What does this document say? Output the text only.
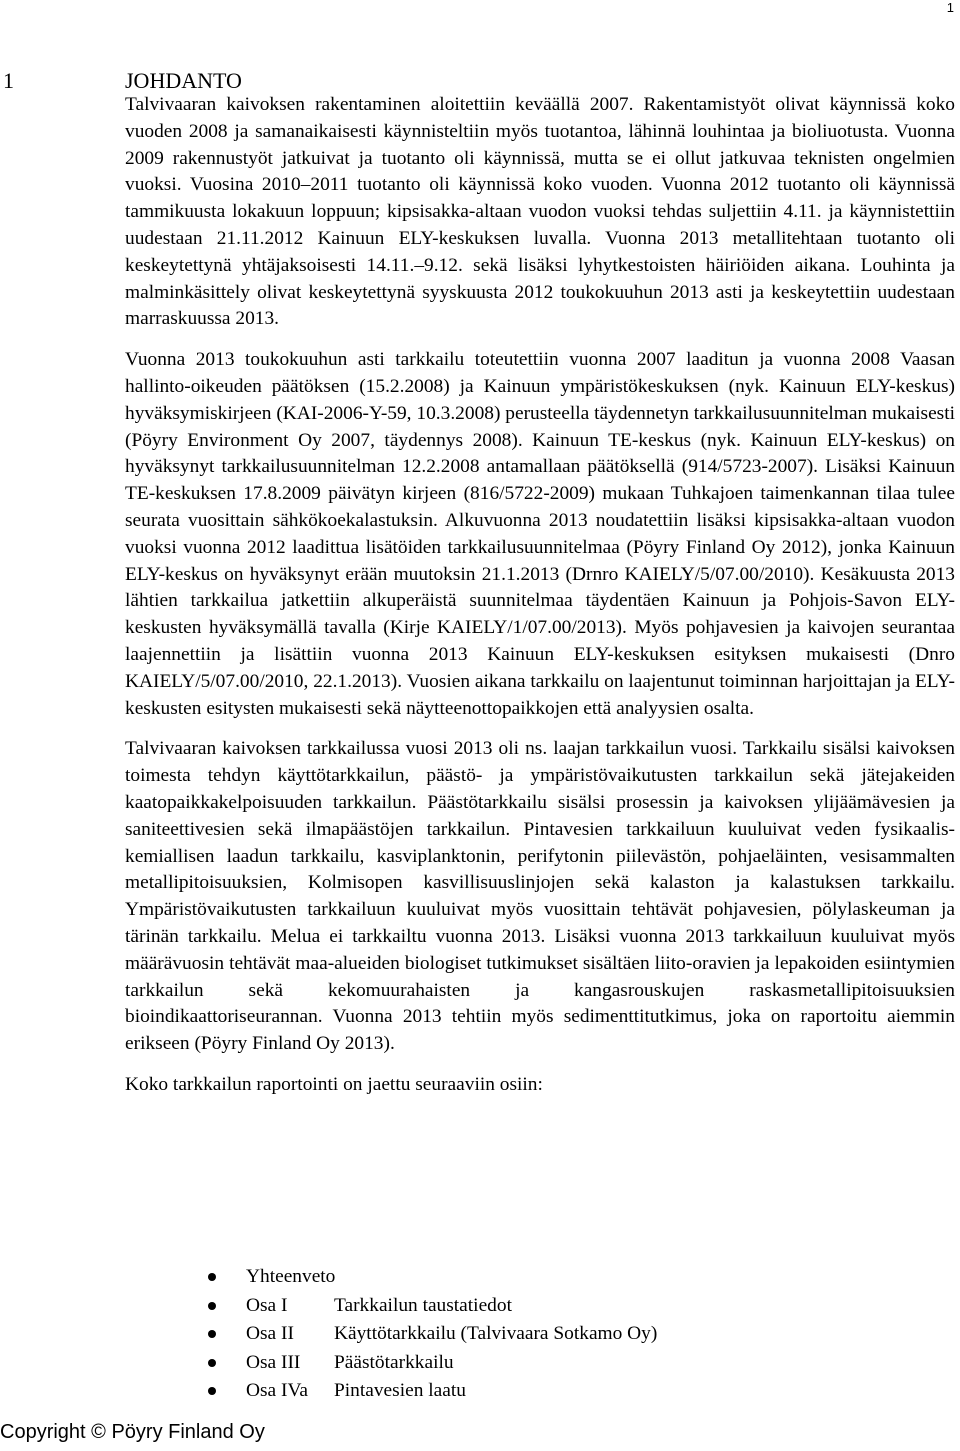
1
1	JOHDANTO

Talvivaaran kaivoksen rakentaminen aloitettiin keväällä 2007. Rakentamistyöt olivat käynnissä koko vuoden 2008 ja samanaikaisesti käynnisteltiin myös tuotantoa, lähinnä louhintaa ja bioliuotusta. Vuonna 2009 rakennustyöt jatkuivat ja tuotanto oli käynnissä, mutta se ei ollut jatkuvaa teknisten ongelmien vuoksi. Vuosina 2010–2011 tuotanto oli käynnissä koko vuoden. Vuonna 2012 tuotanto oli käynnissä tammikuusta lokakuun loppuun; kipsisakka-altaan vuodon vuoksi tehdas suljettiin 4.11. ja käynnistettiin uudestaan 21.11.2012 Kainuun ELY-keskuksen luvalla. Vuonna 2013 metallitehtaan tuotanto oli keskeytettynä yhtäjaksoisesti 14.11.–9.12. sekä lisäksi lyhytkestoisten häiriöiden aikana. Louhinta ja malminkäsittely olivat keskeytettynä syyskuusta 2012 toukokuuhun 2013 asti ja keskeytettiin uudestaan marraskuussa 2013.

Vuonna 2013 toukokuuhun asti tarkkailu toteutettiin vuonna 2007 laaditun ja vuonna 2008 Vaasan hallinto-oikeuden päätöksen (15.2.2008) ja Kainuun ympäristökeskuksen (nyk. Kainuun ELY-keskus) hyväksymiskirjeen (KAI-2006-Y-59, 10.3.2008) perusteella täydennetyn tarkkailusuunnitelman mukaisesti (Pöyry Environment Oy 2007, täydennys 2008). Kainuun TE-keskus (nyk. Kainuun ELY-keskus) on hyväksynyt tarkkailusuunnitelman 12.2.2008 antamallaan päätöksellä (914/5723-2007). Lisäksi Kainuun TE-keskuksen 17.8.2009 päivätyn kirjeen (816/5722-2009) mukaan Tuhkajoen taimenkannan tilaa tulee seurata vuosittain sähkökoekalastuksin. Alkuvuonna 2013 noudatettiin lisäksi kipsisakka-altaan vuodon vuoksi vuonna 2012 laadittua lisätöiden tarkkailusuunnitelmaa (Pöyry Finland Oy 2012), jonka Kainuun ELY-keskus on hyväksynyt erään muutoksin 21.1.2013 (Drnro KAIELY/5/07.00/2010). Kesäkuusta 2013 lähtien tarkkailua jatkettiin alkuperäistä suunnitelmaa täydentäen Kainuun ja Pohjois-Savon ELY-keskusten hyväksymällä tavalla (Kirje KAIELY/1/07.00/2013). Myös pohjavesien ja kaivojen seurantaa laajennettiin ja lisättiin vuonna 2013 Kainuun ELY-keskuksen esityksen mukaisesti (Dnro KAIELY/5/07.00/2010, 22.1.2013). Vuosien aikana tarkkailu on laajentunut toiminnan harjoittajan ja ELY-keskusten esitysten mukaisesti sekä näytteenottopaikkojen että analyysien osalta.

Talvivaaran kaivoksen tarkkailussa vuosi 2013 oli ns. laajan tarkkailun vuosi. Tarkkailu sisälsi kaivoksen toimesta tehdyn käyttötarkkailun, päästö- ja ympäristövaikutusten tarkkailun sekä jätejakeiden kaatopaikkakelpoisuuden tarkkailun. Päästötarkkailu sisälsi prosessin ja kaivoksen ylijäämävesien ja saniteettivesien sekä ilmapäästöjen tarkkailun. Pintavesien tarkkailuun kuuluivat veden fysikaalis-kemiallisen laadun tarkkailu, kasviplanktonin, perifytonin piilevästön, pohjaeläinten, vesisammalten metallipitoisuuksien, Kolmisopen kasvillisuuslinjojen sekä kalaston ja kalastuksen tarkkailu. Ympäristövaikutusten tarkkailuun kuuluivat myös vuosittain tehtävät pohjavesien, pölylaskeuman ja tärinän tarkkailu. Melua ei tarkkailtu vuonna 2013. Lisäksi vuonna 2013 tarkkailuun kuuluivat myös määrävuosin tehtävät maa-alueiden biologiset tutkimukset sisältäen liito-oravien ja lepakoiden esiintymien tarkkailun sekä kekomuurahaisten ja kangasrouskujen raskasmetallipitoisuuksien bioindikaattoriseurannan. Vuonna 2013 tehtiin myös sedimenttitutkimus, joka on raportoitu aiemmin erikseen (Pöyry Finland Oy 2013).

Koko tarkkailun raportointi on jaettu seuraaviin osiin:

Yhteenveto
Osa I Tarkkailun taustatiedot
Osa II Käyttötarkkailu (Talvivaara Sotkamo Oy)
Osa III Päästötarkkailu
Osa IVa Pintavesien laatu
Copyright © Pöyry Finland Oy
